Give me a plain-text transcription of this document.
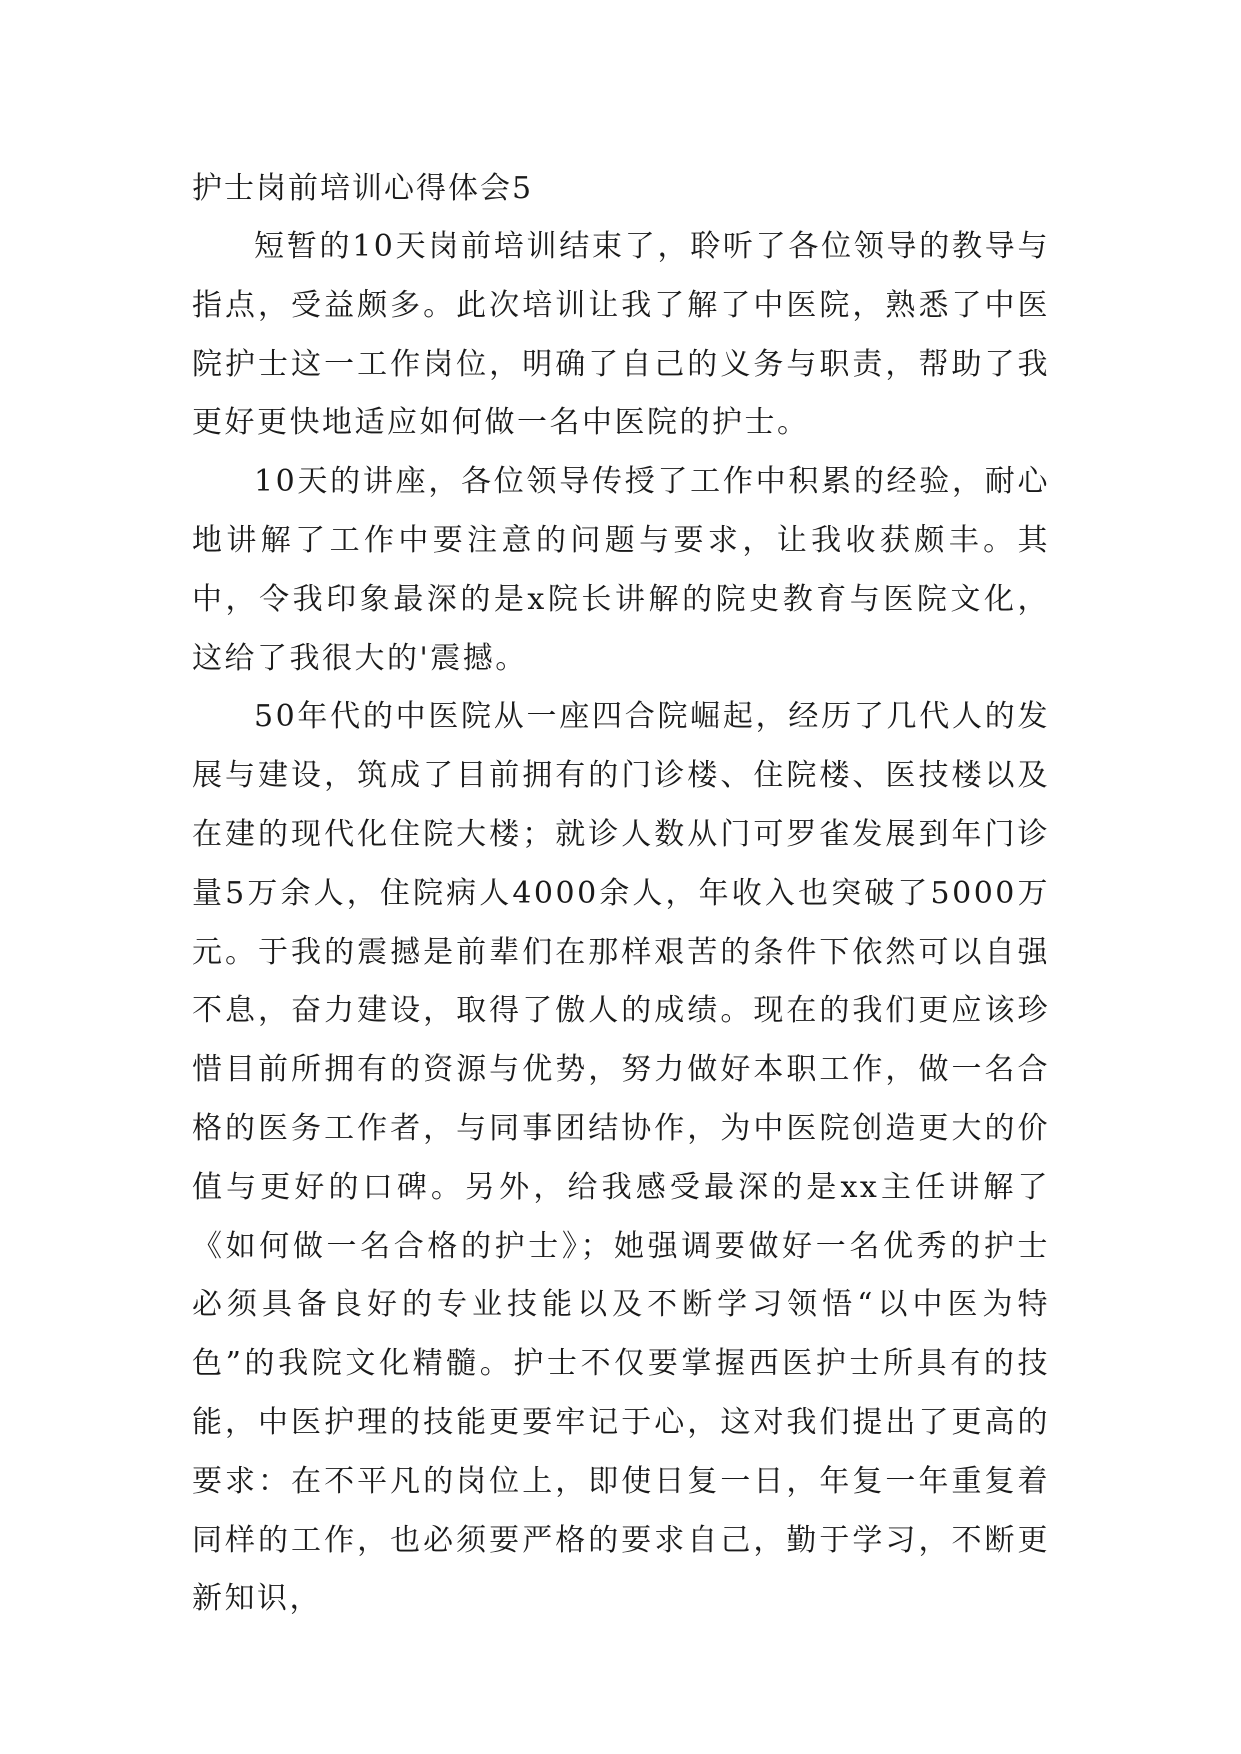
护士岗前培训心得体会5

短暂的10天岗前培训结束了，聆听了各位领导的教导与指点，受益颇多。此次培训让我了解了中医院，熟悉了中医院护士这一工作岗位，明确了自己的义务与职责，帮助了我更好更快地适应如何做一名中医院的护士。

10天的讲座，各位领导传授了工作中积累的经验，耐心地讲解了工作中要注意的问题与要求，让我收获颇丰。其中，令我印象最深的是x院长讲解的院史教育与医院文化，这给了我很大的'震撼。

50年代的中医院从一座四合院崛起，经历了几代人的发展与建设，筑成了目前拥有的门诊楼、住院楼、医技楼以及在建的现代化住院大楼；就诊人数从门可罗雀发展到年门诊量5万余人，住院病人4000余人，年收入也突破了5000万元。于我的震撼是前辈们在那样艰苦的条件下依然可以自强不息，奋力建设，取得了傲人的成绩。现在的我们更应该珍惜目前所拥有的资源与优势，努力做好本职工作，做一名合格的医务工作者，与同事团结协作，为中医院创造更大的价值与更好的口碑。另外，给我感受最深的是xx主任讲解了《如何做一名合格的护士》；她强调要做好一名优秀的护士必须具备良好的专业技能以及不断学习领悟“以中医为特色”的我院文化精髓。护士不仅要掌握西医护士所具有的技能，中医护理的技能更要牢记于心，这对我们提出了更高的要求：在不平凡的岗位上，即使日复一日，年复一年重复着同样的工作，也必须要严格的要求自己，勤于学习，不断更新知识，
